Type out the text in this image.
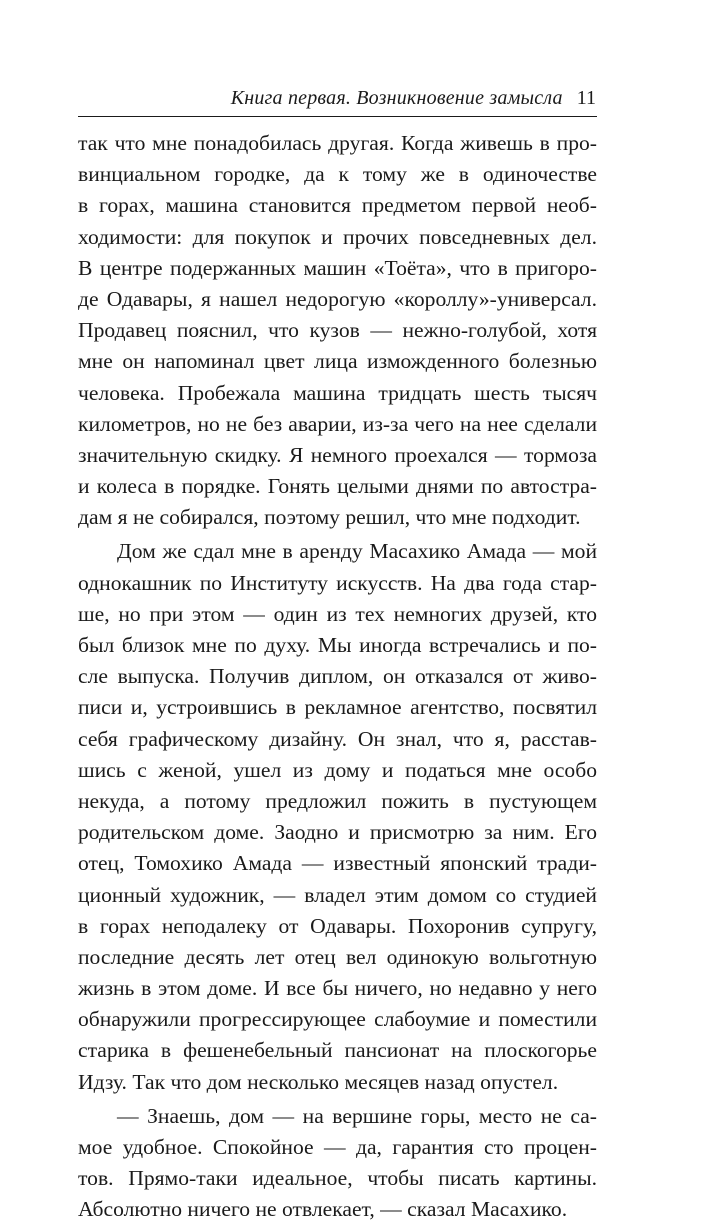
Книга первая. Возникновение замысла 11
так что мне понадобилась другая. Когда живешь в про-
винциальном городке, да к тому же в одиночестве
в горах, машина становится предметом первой необ-
ходимости: для покупок и прочих повседневных дел.
В центре подержанных машин «Тоёта», что в пригоро-
де Одавары, я нашел недорогую «короллу»-универсал.
Продавец пояснил, что кузов — нежно-голубой, хотя
мне он напоминал цвет лица изможденного болезнью
человека. Пробежала машина тридцать шесть тысяч
километров, но не без аварии, из-за чего на нее сделали
значительную скидку. Я немного проехался — тормоза
и колеса в порядке. Гонять целыми днями по автостра-
дам я не собирался, поэтому решил, что мне подходит.
Дом же сдал мне в аренду Масахико Амада — мой
однокашник по Институту искусств. На два года стар-
ше, но при этом — один из тех немногих друзей, кто
был близок мне по духу. Мы иногда встречались и по-
сле выпуска. Получив диплом, он отказался от живо-
писи и, устроившись в рекламное агентство, посвятил
себя графическому дизайну. Он знал, что я, расстав-
шись с женой, ушел из дому и податься мне особо
некуда, а потому предложил пожить в пустующем
родительском доме. Заодно и присмотрю за ним. Его
отец, Томохико Амада — известный японский тради-
ционный художник, — владел этим домом со студией
в горах неподалеку от Одавары. Похоронив супругу,
последние десять лет отец вел одинокую вольготную
жизнь в этом доме. И все бы ничего, но недавно у него
обнаружили прогрессирующее слабоумие и поместили
старика в фешенебельный пансионат на плоскогорье
Идзу. Так что дом несколько месяцев назад опустел.
— Знаешь, дом — на вершине горы, место не са-
мое удобное. Спокойное — да, гарантия сто процен-
тов. Прямо-таки идеальное, чтобы писать картины.
Абсолютно ничего не отвлекает, — сказал Масахико.
